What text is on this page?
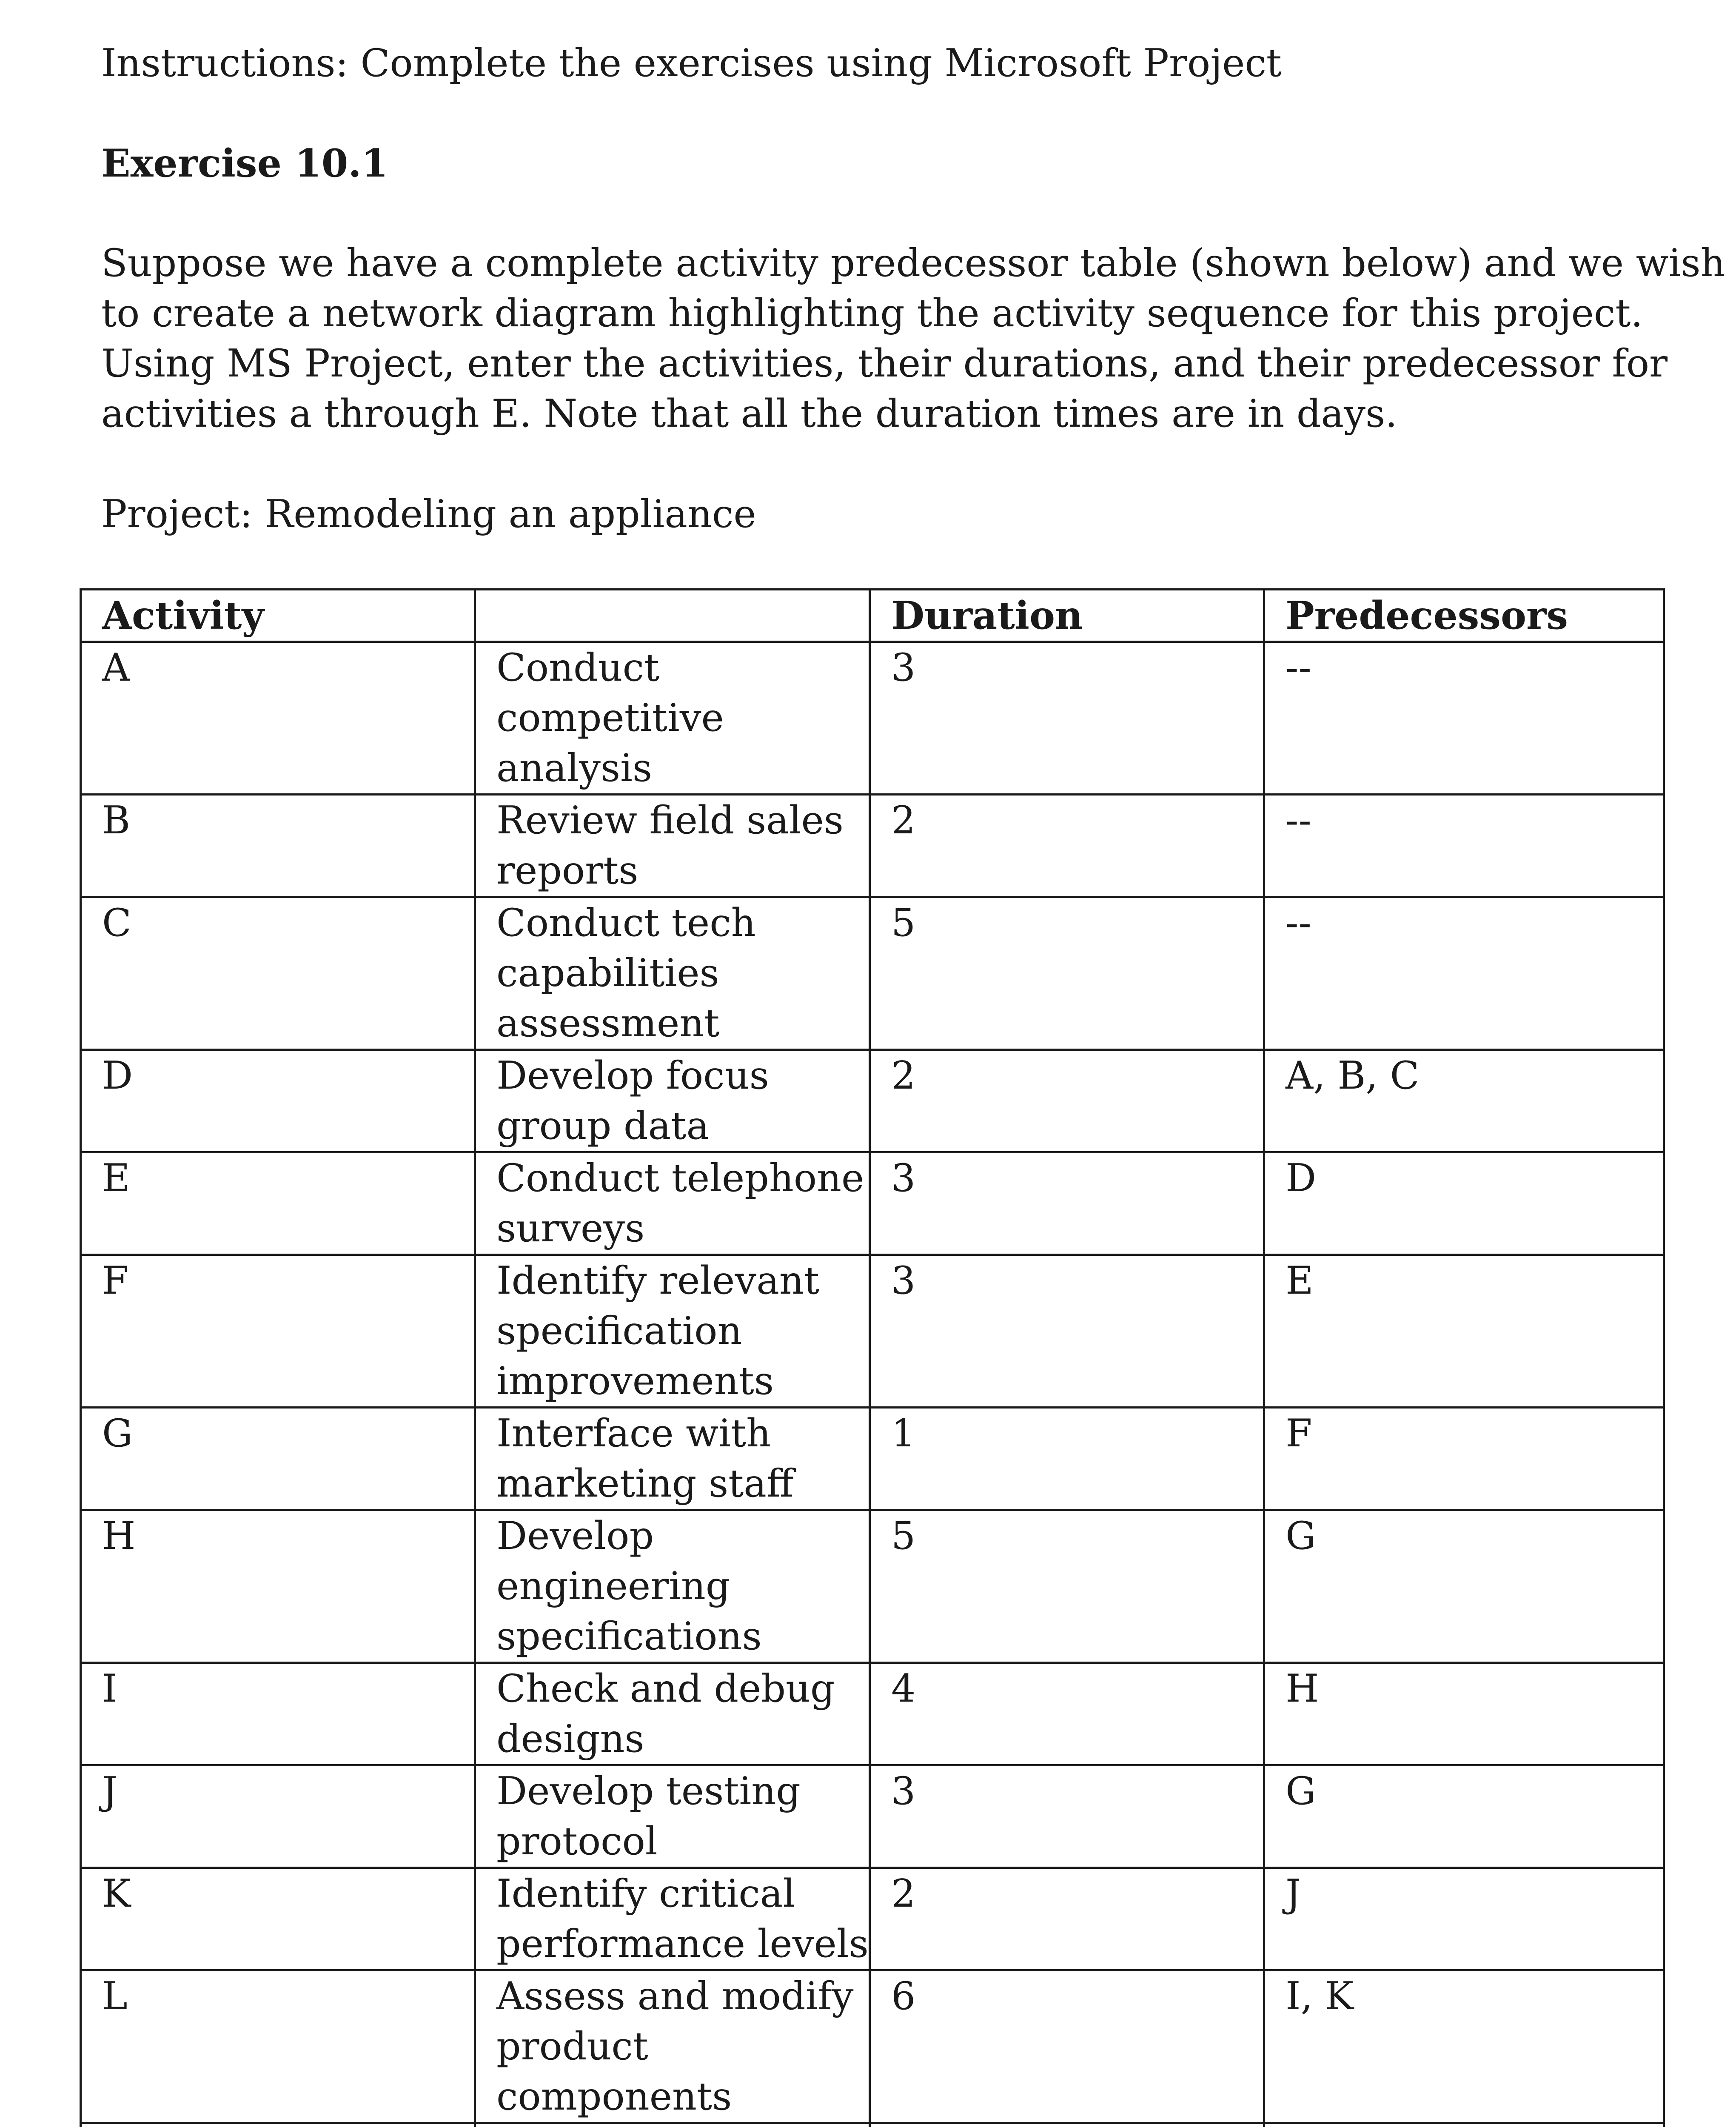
Instructions: Complete the exercises using Microsoft Project

Exercise 10.1

Suppose we have a complete activity predecessor table (shown below) and we wish
to create a network diagram highlighting the activity sequence for this project.
Using MS Project, enter the activities, their durations, and their predecessor for
activities a through E. Note that all the duration times are in days.

Project: Remodeling an appliance

Activity		Duration	Predecessors
A	Conduct
competitive
analysis	3	--
B	Review field sales
reports	2	--
C	Conduct tech
capabilities
assessment	5	--
D	Develop focus
group data	2	A, B, C
E	Conduct telephone
surveys	3	D
F	Identify relevant
specification
improvements	3	E
G	Interface with
marketing staff	1	F
H	Develop
engineering
specifications	5	G
I	Check and debug
designs	4	H
J	Develop testing
protocol	3	G
K	Identify critical
performance levels	2	J
L	Assess and modify
product
components	6	I, K
